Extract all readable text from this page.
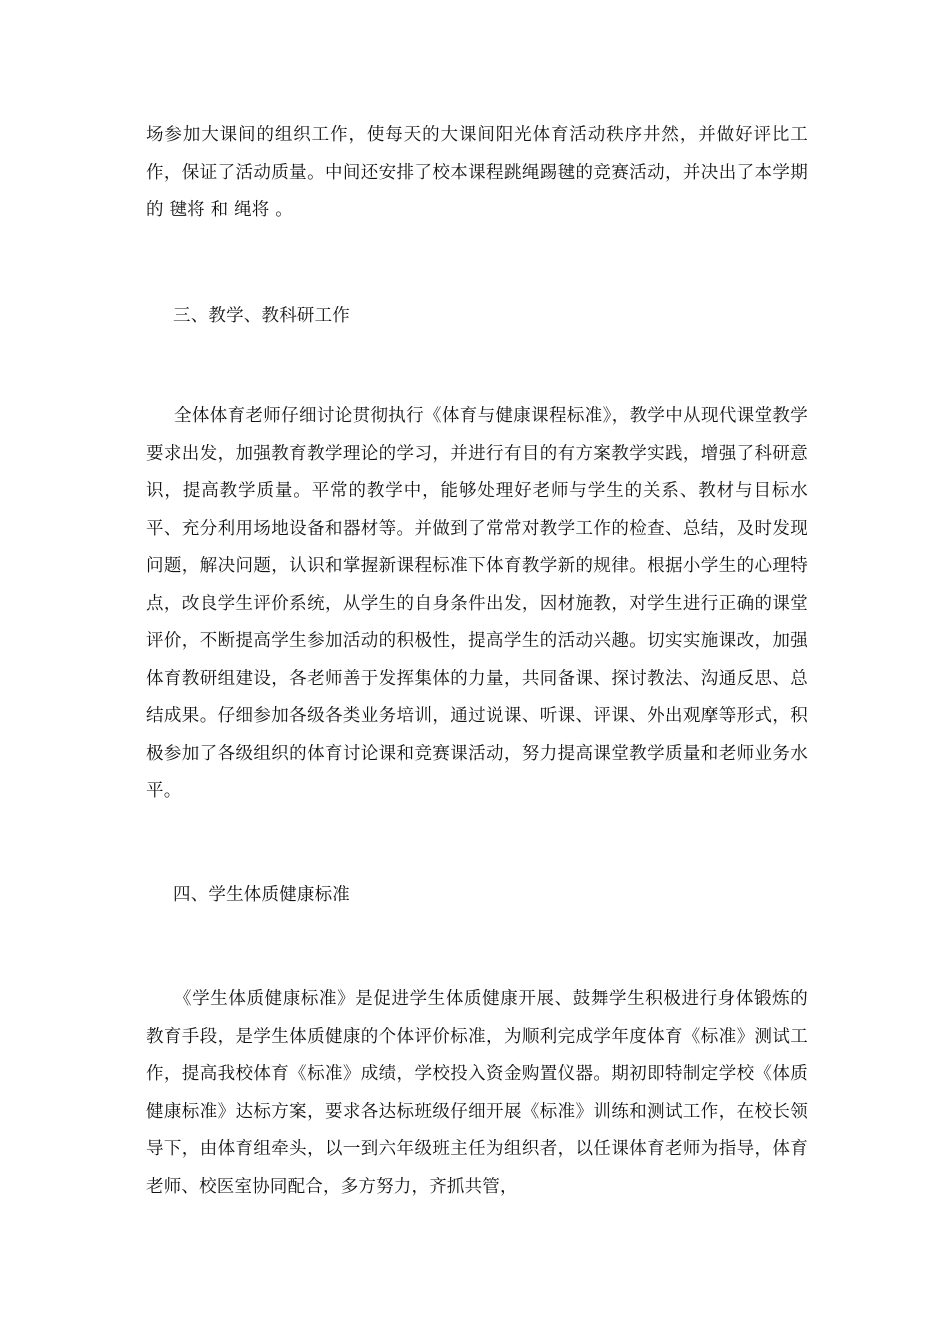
场参加大课间的组织工作，使每天的大课间阳光体育活动秩序井然，并做好评比工作，保证了活动质量。中间还安排了校本课程跳绳踢毽的竞赛活动，并决出了本学期的 毽将 和 绳将 。

三、教学、教科研工作

全体体育老师仔细讨论贯彻执行《体育与健康课程标准》，教学中从现代课堂教学要求出发，加强教育教学理论的学习，并进行有目的有方案教学实践，增强了科研意识，提高教学质量。平常的教学中，能够处理好老师与学生的关系、教材与目标水平、充分利用场地设备和器材等。并做到了常常对教学工作的检查、总结，及时发现问题，解决问题，认识和掌握新课程标准下体育教学新的规律。根据小学生的心理特点，改良学生评价系统，从学生的自身条件出发，因材施教，对学生进行正确的课堂评价，不断提高学生参加活动的积极性，提高学生的活动兴趣。切实实施课改，加强体育教研组建设，各老师善于发挥集体的力量，共同备课、探讨教法、沟通反思、总结成果。仔细参加各级各类业务培训，通过说课、听课、评课、外出观摩等形式，积极参加了各级组织的体育讨论课和竞赛课活动，努力提高课堂教学质量和老师业务水平。

四、学生体质健康标准

《学生体质健康标准》是促进学生体质健康开展、鼓舞学生积极进行身体锻炼的教育手段，是学生体质健康的个体评价标准，为顺利完成学年度体育《标准》测试工作，提高我校体育《标准》成绩，学校投入资金购置仪器。期初即特制定学校《体质健康标准》达标方案，要求各达标班级仔细开展《标准》训练和测试工作，在校长领导下，由体育组牵头，以一到六年级班主任为组织者，以任课体育老师为指导，体育老师、校医室协同配合，多方努力，齐抓共管，
